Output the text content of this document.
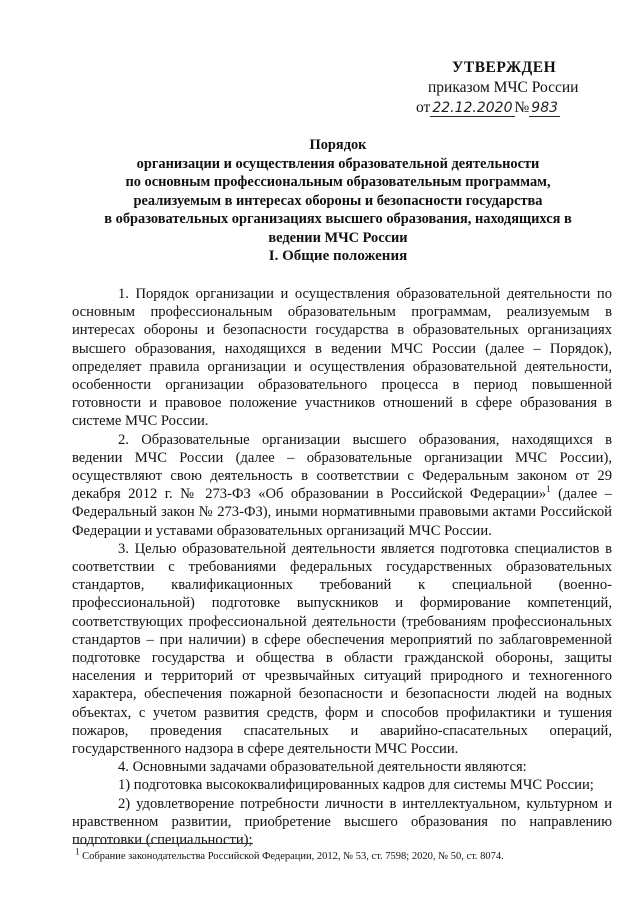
УТВЕРЖДЕН
приказом МЧС России
от 22.12.2020 № 983
Порядок
организации и осуществления образовательной деятельности
по основным профессиональным образовательным программам,
реализуемым в интересах обороны и безопасности государства
в образовательных организациях высшего образования, находящихся в
ведении МЧС России
I. Общие положения

1. Порядок организации и осуществления образовательной деятельности по основным профессиональным образовательным программам, реализуемым в интересах обороны и безопасности государства в образовательных организациях высшего образования, находящихся в ведении МЧС России (далее – Порядок), определяет правила организации и осуществления образовательной деятельности, особенности организации образовательного процесса в период повышенной готовности и правовое положение участников отношений в сфере образования в системе МЧС России.

2. Образовательные организации высшего образования, находящихся в ведении МЧС России (далее – образовательные организации МЧС России), осуществляют свою деятельность в соответствии с Федеральным законом от 29 декабря 2012 г. № 273-ФЗ «Об образовании в Российской Федерации»$^1$ (далее – Федеральный закон № 273-ФЗ), иными нормативными правовыми актами Российской Федерации и уставами образовательных организаций МЧС России.

3. Целью образовательной деятельности является подготовка специалистов в соответствии с требованиями федеральных государственных образовательных стандартов, квалификационных требований к специальной (военно-профессиональной) подготовке выпускников и формирование компетенций, соответствующих профессиональной деятельности (требованиям профессиональных стандартов – при наличии) в сфере обеспечения мероприятий по заблаговременной подготовке государства и общества в области гражданской обороны, защиты населения и территорий от чрезвычайных ситуаций природного и техногенного характера, обеспечения пожарной безопасности и безопасности людей на водных объектах, с учетом развития средств, форм и способов профилактики и тушения пожаров, проведения спасательных и аварийно-спасательных операций, государственного надзора в сфере деятельности МЧС России.

4. Основными задачами образовательной деятельности являются:

1) подготовка высококвалифицированных кадров для системы МЧС России;

2) удовлетворение потребности личности в интеллектуальном, культурном и нравственном развитии, приобретение высшего образования по направлению подготовки (специальности);

$^1$ Собрание законодательства Российской Федерации, 2012, № 53, ст. 7598; 2020, № 50, ст. 8074.
